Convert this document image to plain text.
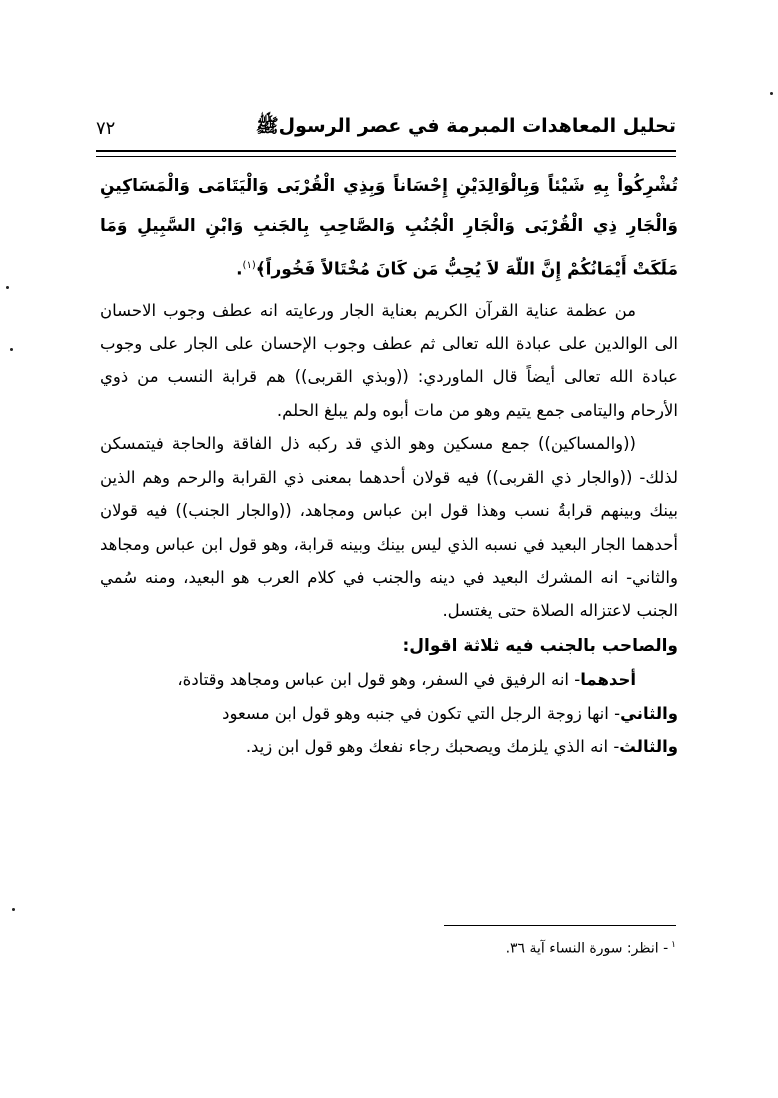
تحليل المعاهدات المبرمة في عصر الرسولﷺ
٧٢

تُشْرِكُواْ بِهِ شَيْئاً وَبِالْوَالِدَيْنِ إِحْسَاناً وَبِذِي الْقُرْبَى وَالْيَتَامَى وَالْمَسَاكِينِ وَالْجَارِ ذِي الْقُرْبَى وَالْجَارِ الْجُنُبِ وَالصَّاحِبِ بِالجَنبِ وَابْنِ السَّبِيلِ وَمَا مَلَكَتْ أَيْمَانُكُمْ إِنَّ اللّهَ لاَ يُحِبُّ مَن كَانَ مُخْتَالاً فَخُوراً﴾$^{(١)}$.

من عظمة عناية القرآن الكريم بعناية الجار ورعايته انه عطف وجوب الاحسان الى الوالدين على عبادة الله تعالى ثم عطف وجوب الإحسان على الجار على وجوب عبادة الله تعالى أيضاً قال الماوردي: ((وبذي القربى)) هم قرابة النسب من ذوي الأرحام واليتامى جمع يتيم وهو من مات أبوه ولم يبلغ الحلم.

((والمساكين)) جمع مسكين وهو الذي قد ركبه ذل الفاقة والحاجة فيتمسكن لذلك- ((والجار ذي القربى)) فيه قولان أحدهما بمعنى ذي القرابة والرحم وهم الذين بينك وبينهم قرابةُ نسب وهذا قول ابن عباس ومجاهد، ((والجار الجنب)) فيه قولان أحدهما الجار البعيد في نسبه الذي ليس بينك وبينه قرابة، وهو قول ابن عباس ومجاهد والثاني- انه المشرك البعيد في دينه والجنب في كلام العرب هو البعيد، ومنه سُمي الجنب لاعتزاله الصلاة حتى يغتسل.

والصاحب بالجنب فيه ثلاثة اقوال:

أحدهما- انه الرفيق في السفر، وهو قول ابن عباس ومجاهد وقتادة،

والثاني- انها زوجة الرجل التي تكون في جنبه وهو قول ابن مسعود

والثالث- انه الذي يلزمك ويصحبك رجاء نفعك وهو قول ابن زيد.

$^١$- انظر: سورة النساء آية ٣٦.
